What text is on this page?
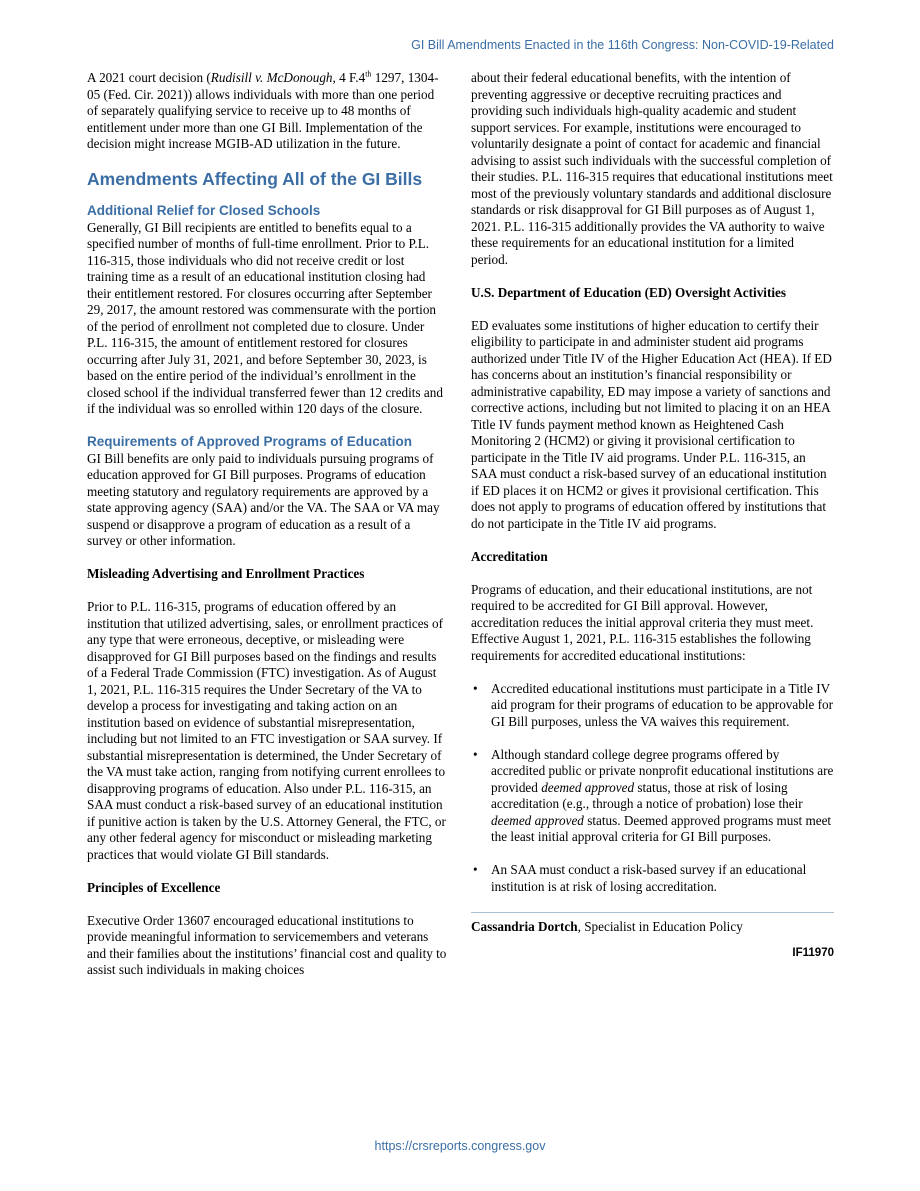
GI Bill Amendments Enacted in the 116th Congress: Non-COVID-19-Related

A 2021 court decision (Rudisill v. McDonough, 4 F.4th 1297, 1304-05 (Fed. Cir. 2021)) allows individuals with more than one period of separately qualifying service to receive up to 48 months of entitlement under more than one GI Bill. Implementation of the decision might increase MGIB-AD utilization in the future.

Amendments Affecting All of the GI Bills
Additional Relief for Closed Schools

Generally, GI Bill recipients are entitled to benefits equal to a specified number of months of full-time enrollment. Prior to P.L. 116-315, those individuals who did not receive credit or lost training time as a result of an educational institution closing had their entitlement restored. For closures occurring after September 29, 2017, the amount restored was commensurate with the portion of the period of enrollment not completed due to closure. Under P.L. 116-315, the amount of entitlement restored for closures occurring after July 31, 2021, and before September 30, 2023, is based on the entire period of the individual’s enrollment in the closed school if the individual transferred fewer than 12 credits and if the individual was so enrolled within 120 days of the closure.

Requirements of Approved Programs of Education

GI Bill benefits are only paid to individuals pursuing programs of education approved for GI Bill purposes. Programs of education meeting statutory and regulatory requirements are approved by a state approving agency (SAA) and/or the VA. The SAA or VA may suspend or disapprove a program of education as a result of a survey or other information.

Misleading Advertising and Enrollment Practices

Prior to P.L. 116-315, programs of education offered by an institution that utilized advertising, sales, or enrollment practices of any type that were erroneous, deceptive, or misleading were disapproved for GI Bill purposes based on the findings and results of a Federal Trade Commission (FTC) investigation. As of August 1, 2021, P.L. 116-315 requires the Under Secretary of the VA to develop a process for investigating and taking action on an institution based on evidence of substantial misrepresentation, including but not limited to an FTC investigation or SAA survey. If substantial misrepresentation is determined, the Under Secretary of the VA must take action, ranging from notifying current enrollees to disapproving programs of education. Also under P.L. 116-315, an SAA must conduct a risk-based survey of an educational institution if punitive action is taken by the U.S. Attorney General, the FTC, or any other federal agency for misconduct or misleading marketing practices that would violate GI Bill standards.

Principles of Excellence

Executive Order 13607 encouraged educational institutions to provide meaningful information to servicemembers and veterans and their families about the institutions’ financial cost and quality to assist such individuals in making choices

about their federal educational benefits, with the intention of preventing aggressive or deceptive recruiting practices and providing such individuals high-quality academic and student support services. For example, institutions were encouraged to voluntarily designate a point of contact for academic and financial advising to assist such individuals with the successful completion of their studies. P.L. 116-315 requires that educational institutions meet most of the previously voluntary standards and additional disclosure standards or risk disapproval for GI Bill purposes as of August 1, 2021. P.L. 116-315 additionally provides the VA authority to waive these requirements for an educational institution for a limited period.

U.S. Department of Education (ED) Oversight Activities

ED evaluates some institutions of higher education to certify their eligibility to participate in and administer student aid programs authorized under Title IV of the Higher Education Act (HEA). If ED has concerns about an institution’s financial responsibility or administrative capability, ED may impose a variety of sanctions and corrective actions, including but not limited to placing it on an HEA Title IV funds payment method known as Heightened Cash Monitoring 2 (HCM2) or giving it provisional certification to participate in the Title IV aid programs. Under P.L. 116-315, an SAA must conduct a risk-based survey of an educational institution if ED places it on HCM2 or gives it provisional certification. This does not apply to programs of education offered by institutions that do not participate in the Title IV aid programs.

Accreditation

Programs of education, and their educational institutions, are not required to be accredited for GI Bill approval. However, accreditation reduces the initial approval criteria they must meet. Effective August 1, 2021, P.L. 116-315 establishes the following requirements for accredited educational institutions:

• Accredited educational institutions must participate in a Title IV aid program for their programs of education to be approvable for GI Bill purposes, unless the VA waives this requirement.
• Although standard college degree programs offered by accredited public or private nonprofit educational institutions are provided deemed approved status, those at risk of losing accreditation (e.g., through a notice of probation) lose their deemed approved status. Deemed approved programs must meet the least initial approval criteria for GI Bill purposes.
• An SAA must conduct a risk-based survey if an educational institution is at risk of losing accreditation.
Cassandria Dortch, Specialist in Education Policy
IF11970
https://crsreports.congress.gov
